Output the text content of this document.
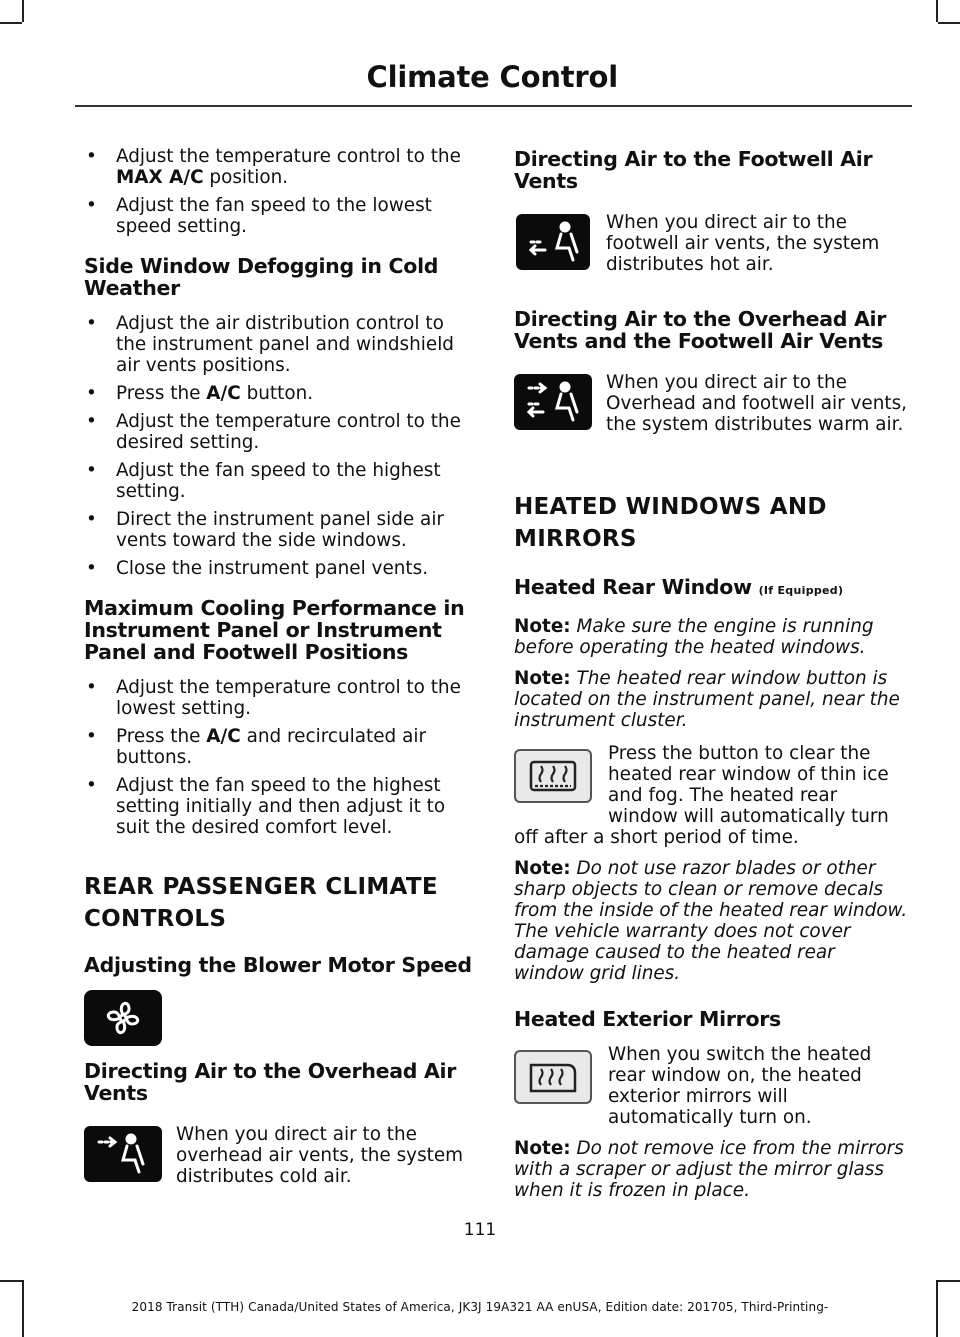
Climate Control
• Adjust the temperature control to the MAX A/C position.
• Adjust the fan speed to the lowest speed setting.
Side Window Defogging in Cold Weather
• Adjust the air distribution control to the instrument panel and windshield air vents positions.
• Press the A/C button.
• Adjust the temperature control to the desired setting.
• Adjust the fan speed to the highest setting.
• Direct the instrument panel side air vents toward the side windows.
• Close the instrument panel vents.
Maximum Cooling Performance in Instrument Panel or Instrument Panel and Footwell Positions
• Adjust the temperature control to the lowest setting.
• Press the A/C and recirculated air buttons.
• Adjust the fan speed to the highest setting initially and then adjust it to suit the desired comfort level.
REAR PASSENGER CLIMATE
CONTROLS
Adjusting the Blower Motor Speed
Directing Air to the Overhead Air Vents
When you direct air to the overhead air vents, the system distributes cold air.
Directing Air to the Footwell Air Vents
When you direct air to the footwell air vents, the system distributes hot air.
Directing Air to the Overhead Air Vents and the Footwell Air Vents
When you direct air to the Overhead and footwell air vents, the system distributes warm air.
HEATED WINDOWS AND
MIRRORS
Heated Rear Window (If Equipped)
Note: Make sure the engine is running before operating the heated windows.
Note: The heated rear window button is located on the instrument panel, near the instrument cluster.
Press the button to clear the heated rear window of thin ice and fog. The heated rear window will automatically turn off after a short period of time.
Note: Do not use razor blades or other sharp objects to clean or remove decals from the inside of the heated rear window. The vehicle warranty does not cover damage caused to the heated rear window grid lines.
Heated Exterior Mirrors
When you switch the heated rear window on, the heated exterior mirrors will automatically turn on.
Note: Do not remove ice from the mirrors with a scraper or adjust the mirror glass when it is frozen in place.
111
2018 Transit (TTH) Canada/United States of America, JK3J 19A321 AA enUSA, Edition date: 201705, Third-Printing-
